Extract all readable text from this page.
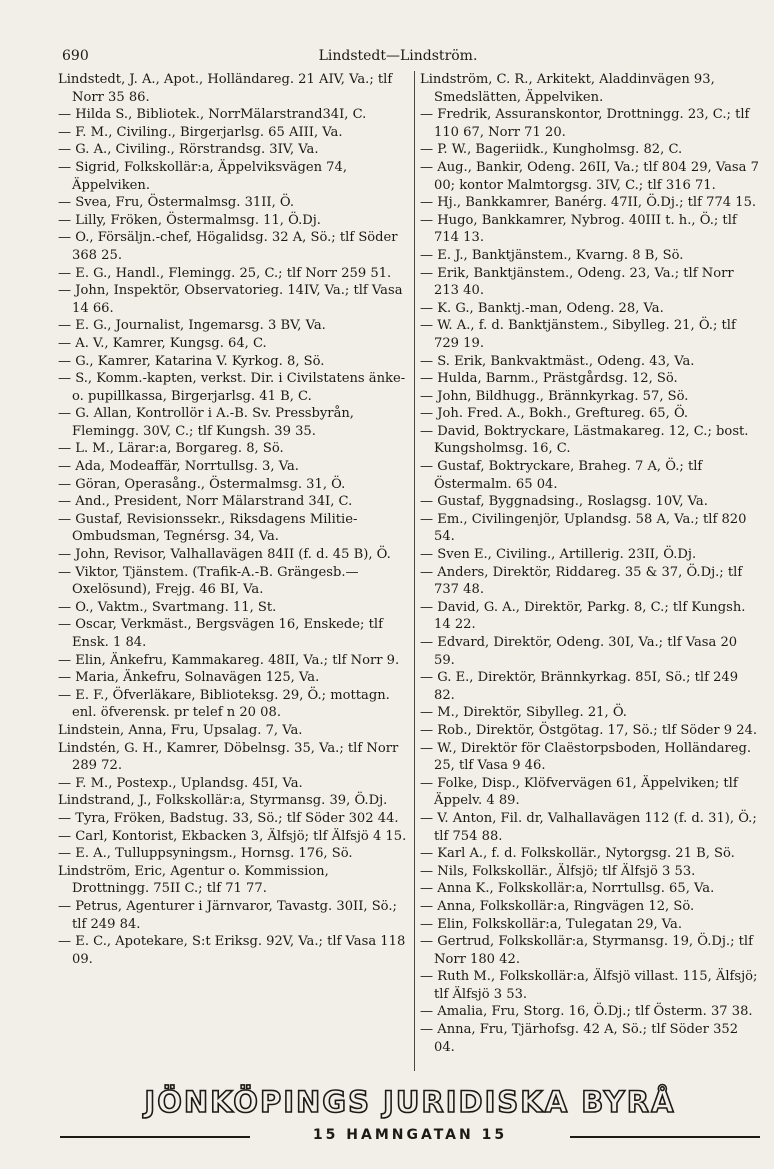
690	Lindstedt—Lindström.

Lindstedt, J. A., Apot., Holländareg. 21 AIV, Va.; tlf Norr 35 86.

— Hilda S., Bibliotek., NorrMälarstrand34I, C.

— F. M., Civiling., Birgerjarlsg. 65 AIII, Va.

— G. A., Civiling., Rörstrandsg. 3IV, Va.

— Sigrid, Folkskollär:a, Äppelviksvägen 74, Äppelviken.

— Svea, Fru, Östermalmsg. 31II, Ö.

— Lilly, Fröken, Östermalmsg. 11, Ö.Dj.

— O., Försäljn.-chef, Högalidsg. 32 A, Sö.; tlf Söder 368 25.

— E. G., Handl., Flemingg. 25, C.; tlf Norr 259 51.

— John, Inspektör, Observatorieg. 14IV, Va.; tlf Vasa 14 66.

— E. G., Journalist, Ingemarsg. 3 BV, Va.

— A. V., Kamrer, Kungsg. 64, C.

— G., Kamrer, Katarina V. Kyrkog. 8, Sö.

— S., Komm.-kapten, verkst. Dir. i Civilstatens änke- o. pupillkassa, Birgerjarlsg. 41 B, C.

— G. Allan, Kontrollör i A.-B. Sv. Pressbyrån, Flemingg. 30V, C.; tlf Kungsh. 39 35.

— L. M., Lärar:a, Borgareg. 8, Sö.

— Ada, Modeaffär, Norrtullsg. 3, Va.

— Göran, Operasång., Östermalmsg. 31, Ö.

— And., President, Norr Mälarstrand 34I, C.

— Gustaf, Revisionssekr., Riksdagens Militie-Ombudsman, Tegnérsg. 34, Va.

— John, Revisor, Valhallavägen 84II (f. d. 45 B), Ö.

— Viktor, Tjänstem. (Trafik-A.-B. Grängesb.—Oxelösund), Frejg. 46 BI, Va.

— O., Vaktm., Svartmang. 11, St.

— Oscar, Verkmäst., Bergsvägen 16, Enskede; tlf Ensk. 1 84.

— Elin, Änkefru, Kammakareg. 48II, Va.; tlf Norr 9.

— Maria, Änkefru, Solnavägen 125, Va.

— E. F., Öfverläkare, Biblioteksg. 29, Ö.; mottagn. enl. öfverensk. pr telef n 20 08.

Lindstein, Anna, Fru, Upsalag. 7, Va.

Lindstén, G. H., Kamrer, Döbelnsg. 35, Va.; tlf Norr 289 72.

— F. M., Postexp., Uplandsg. 45I, Va.

Lindstrand, J., Folkskollär:a, Styrmansg. 39, Ö.Dj.

— Tyra, Fröken, Badstug. 33, Sö.; tlf Söder 302 44.

— Carl, Kontorist, Ekbacken 3, Älfsjö; tlf Älfsjö 4 15.

— E. A., Tulluppsyningsm., Hornsg. 176, Sö.

Lindström, Eric, Agentur o. Kommission, Drottningg. 75II C.; tlf 71 77.

— Petrus, Agenturer i Järnvaror, Tavastg. 30II, Sö.; tlf 249 84.

— E. C., Apotekare, S:t Eriksg. 92V, Va.; tlf Vasa 118 09.

Lindström, C. R., Arkitekt, Aladdinvägen 93, Smedslätten, Äppelviken.

— Fredrik, Assuranskontor, Drottningg. 23, C.; tlf 110 67, Norr 71 20.

— P. W., Bageriidk., Kungholmsg. 82, C.

— Aug., Bankir, Odeng. 26II, Va.; tlf 804 29, Vasa 7 00; kontor Malmtorgsg. 3IV, C.; tlf 316 71.

— Hj., Bankkamrer, Banérg. 47II, Ö.Dj.; tlf 774 15.

— Hugo, Bankkamrer, Nybrog. 40III t. h., Ö.; tlf 714 13.

— E. J., Banktjänstem., Kvarng. 8 B, Sö.

— Erik, Banktjänstem., Odeng. 23, Va.; tlf Norr 213 40.

— K. G., Banktj.-man, Odeng. 28, Va.

— W. A., f. d. Banktjänstem., Sibylleg. 21, Ö.; tlf 729 19.

— S. Erik, Bankvaktmäst., Odeng. 43, Va.

— Hulda, Barnm., Prästgårdsg. 12, Sö.

— John, Bildhugg., Brännkyrkag. 57, Sö.

— Joh. Fred. A., Bokh., Greftureg. 65, Ö.

— David, Boktryckare, Lästmakareg. 12, C.; bost. Kungsholmsg. 16, C.

— Gustaf, Boktryckare, Braheg. 7 A, Ö.; tlf Östermalm. 65 04.

— Gustaf, Byggnadsing., Roslagsg. 10V, Va.

— Em., Civilingenjör, Uplandsg. 58 A, Va.; tlf 820 54.

— Sven E., Civiling., Artillerig. 23II, Ö.Dj.

— Anders, Direktör, Riddareg. 35 & 37, Ö.Dj.; tlf 737 48.

— David, G. A., Direktör, Parkg. 8, C.; tlf Kungsh. 14 22.

— Edvard, Direktör, Odeng. 30I, Va.; tlf Vasa 20 59.

— G. E., Direktör, Brännkyrkag. 85I, Sö.; tlf 249 82.

— M., Direktör, Sibylleg. 21, Ö.

— Rob., Direktör, Östgötag. 17, Sö.; tlf Söder 9 24.

— W., Direktör för Claëstorpsboden, Holländareg. 25, tlf Vasa 9 46.

— Folke, Disp., Klöfvervägen 61, Äppelviken; tlf Äppelv. 4 89.

— V. Anton, Fil. dr, Valhallavägen 112 (f. d. 31), Ö.; tlf 754 88.

— Karl A., f. d. Folkskollär., Nytorgsg. 21 B, Sö.

— Nils, Folkskollär., Älfsjö; tlf Älfsjö 3 53.

— Anna K., Folkskollär:a, Norrtullsg. 65, Va.

— Anna, Folkskollär:a, Ringvägen 12, Sö.

— Elin, Folkskollär:a, Tulegatan 29, Va.

— Gertrud, Folkskollär:a, Styrmansg. 19, Ö.Dj.; tlf Norr 180 42.

— Ruth M., Folkskollär:a, Älfsjö villast. 115, Älfsjö; tlf Älfsjö 3 53.

— Amalia, Fru, Storg. 16, Ö.Dj.; tlf Österm. 37 38.

— Anna, Fru, Tjärhofsg. 42 A, Sö.; tlf Söder 352 04.

JÖNKÖPINGS JURIDISKA BYRÅ
15 HAMNGATAN 15
